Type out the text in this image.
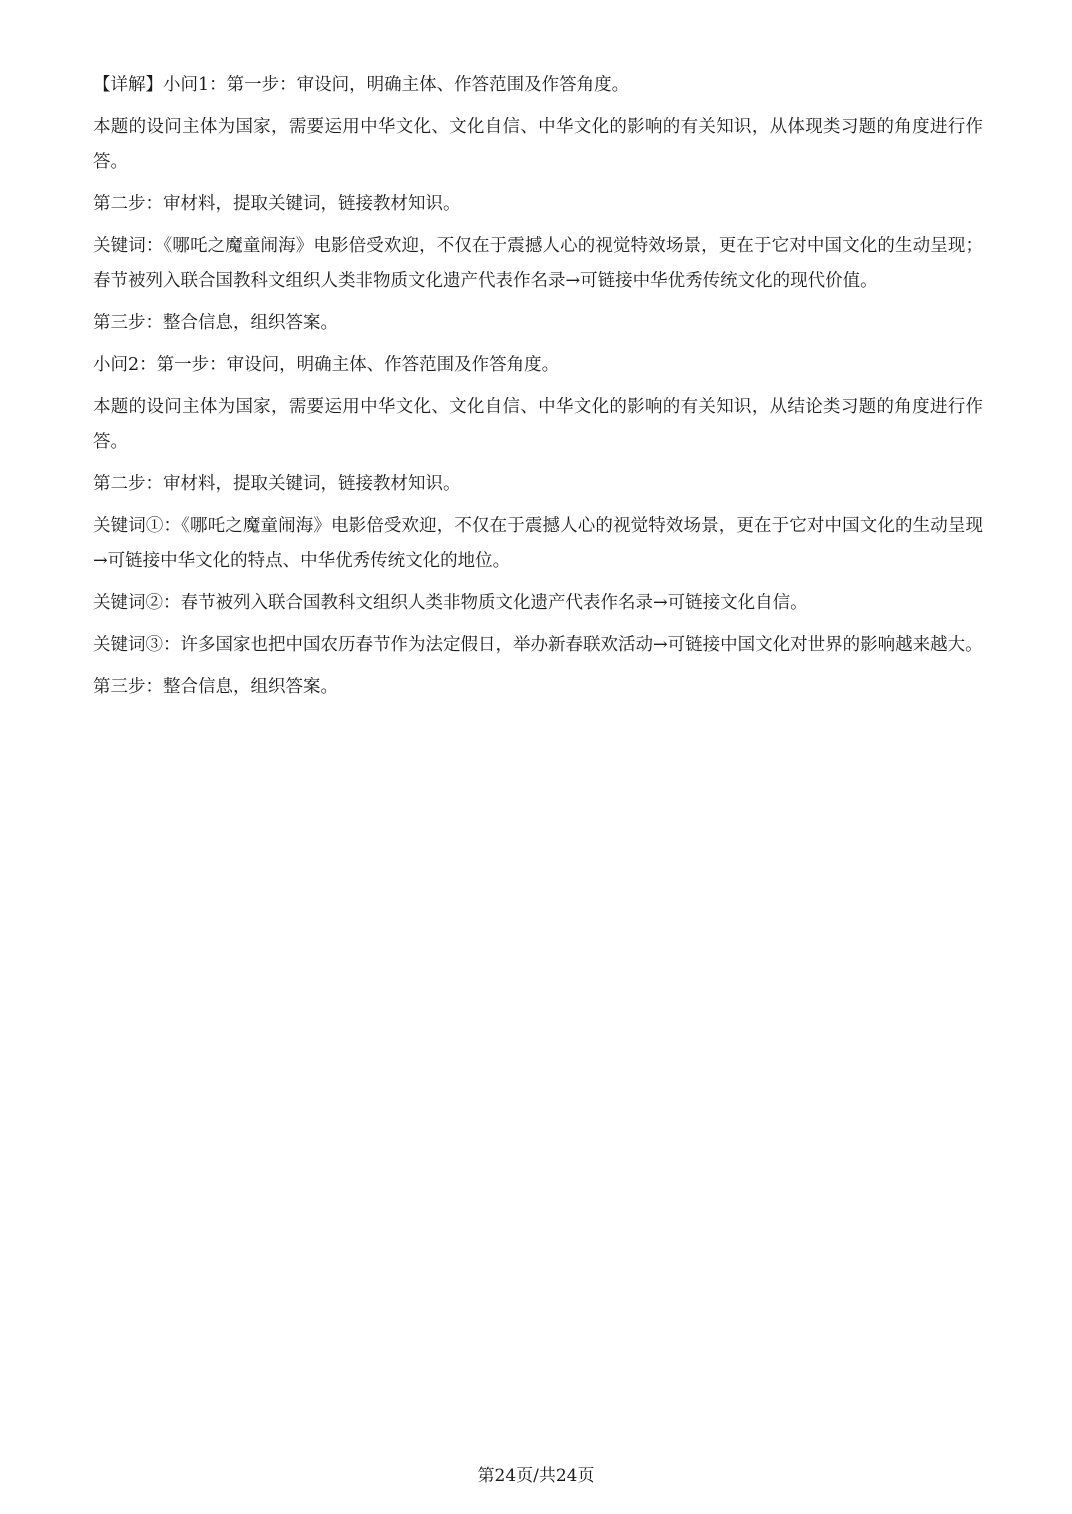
【详解】小问1：第一步：审设问，明确主体、作答范围及作答角度。

本题的设问主体为国家，需要运用中华文化、文化自信、中华文化的影响的有关知识，从体现类习题的角度进行作答。

第二步：审材料，提取关键词，链接教材知识。

关键词：《哪吒之魔童闹海》电影倍受欢迎，不仅在于震撼人心的视觉特效场景，更在于它对中国文化的生动呈现；春节被列入联合国教科文组织人类非物质文化遗产代表作名录→可链接中华优秀传统文化的现代价值。

第三步：整合信息，组织答案。

小问2：第一步：审设问，明确主体、作答范围及作答角度。

本题的设问主体为国家，需要运用中华文化、文化自信、中华文化的影响的有关知识，从结论类习题的角度进行作答。

第二步：审材料，提取关键词，链接教材知识。

关键词①：《哪吒之魔童闹海》电影倍受欢迎，不仅在于震撼人心的视觉特效场景，更在于它对中国文化的生动呈现→可链接中华文化的特点、中华优秀传统文化的地位。

关键词②：春节被列入联合国教科文组织人类非物质文化遗产代表作名录→可链接文化自信。

关键词③：许多国家也把中国农历春节作为法定假日，举办新春联欢活动→可链接中国文化对世界的影响越来越大。

第三步：整合信息，组织答案。

第24页/共24页
